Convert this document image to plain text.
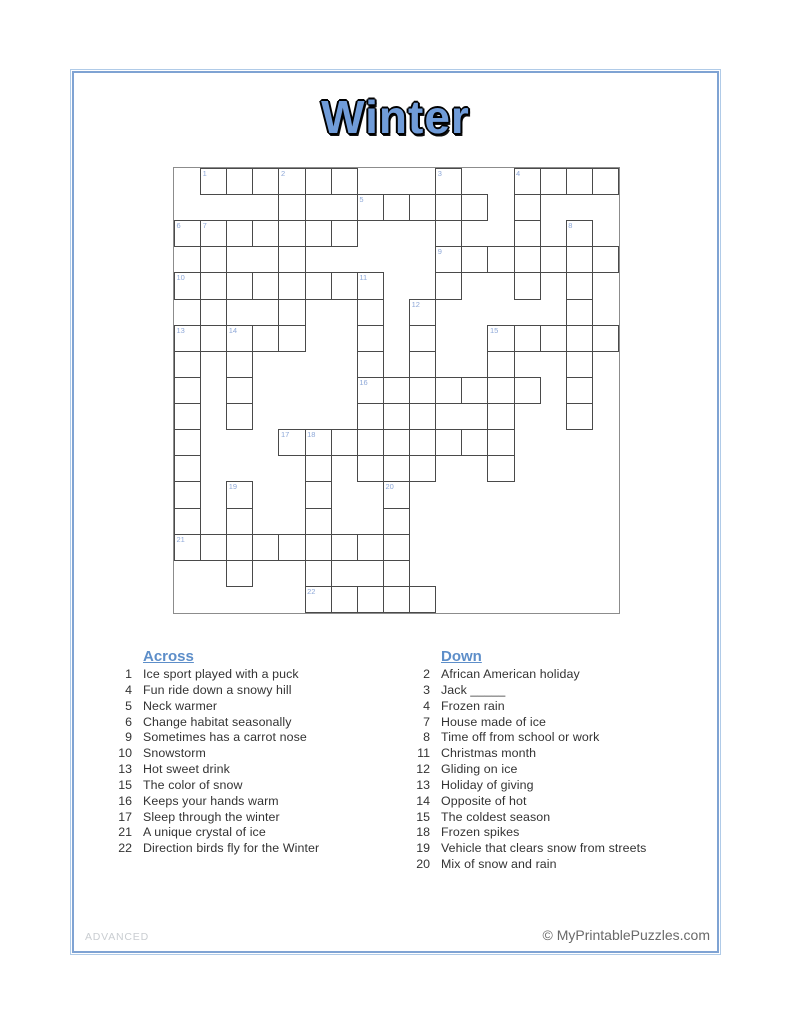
Winter
1	2	3	4
5
6	7	8
9
10	11
12
13	14	15
16
17 18
19	20
21
22
Across
1 Ice sport played with a puck
4 Fun ride down a snowy hill
5 Neck warmer
6 Change habitat seasonally
9 Sometimes has a carrot nose
10 Snowstorm
13 Hot sweet drink
15 The color of snow
16 Keeps your hands warm
17 Sleep through the winter
21 A unique crystal of ice
22 Direction birds fly for the Winter
Down
2 African American holiday
3 Jack _____
4 Frozen rain
7 House made of ice
8 Time off from school or work
11 Christmas month
12 Gliding on ice
13 Holiday of giving
14 Opposite of hot
15 The coldest season
18 Frozen spikes
19 Vehicle that clears snow from streets
20 Mix of snow and rain
ADVANCED	© MyPrintablePuzzles.com
